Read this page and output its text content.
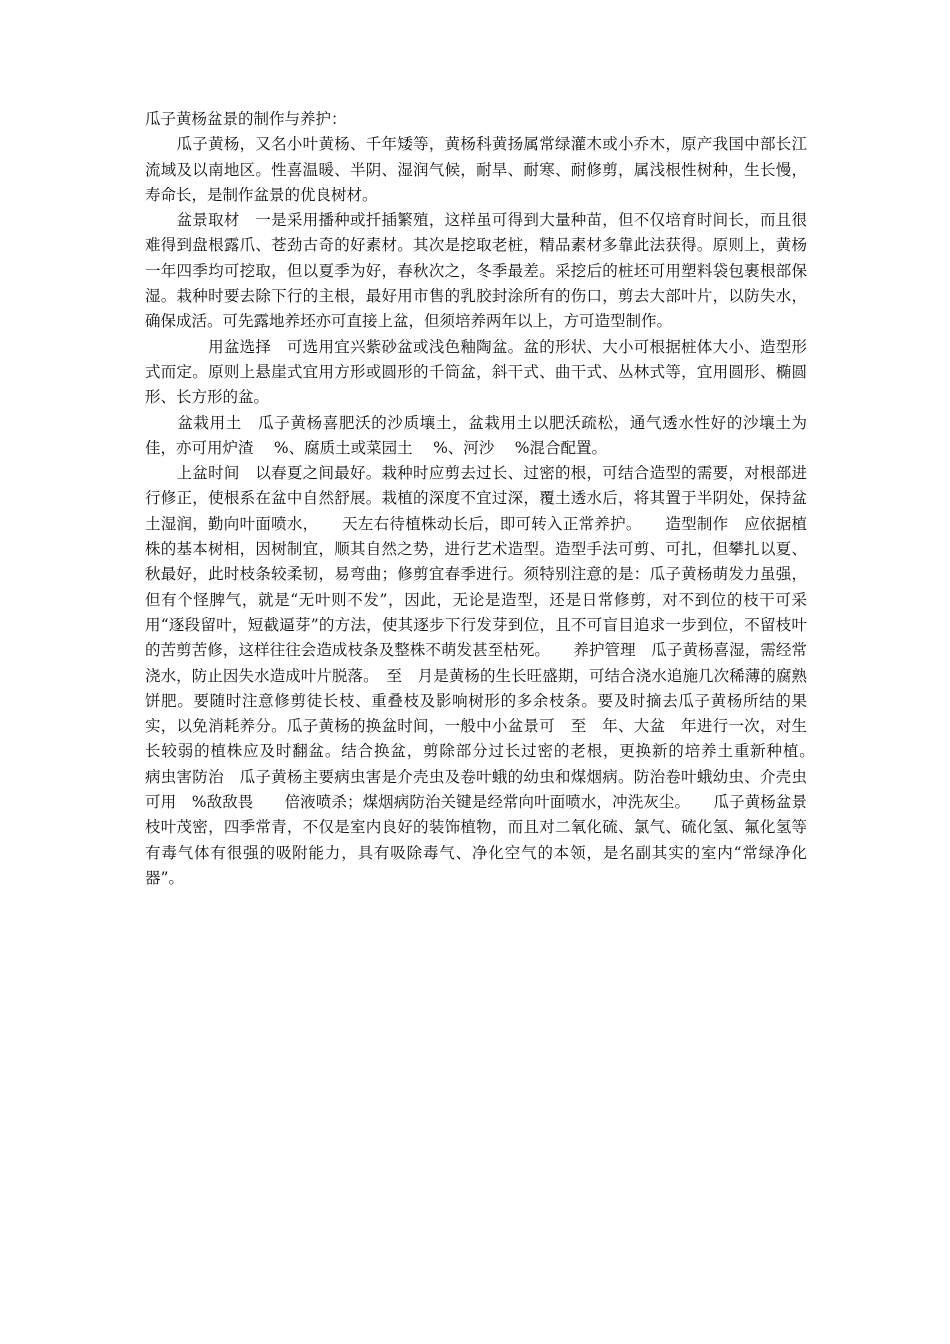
瓜子黄杨盆景的制作与养护：

　　瓜子黄杨，又名小叶黄杨、千年矮等，黄杨科黄扬属常绿灌木或小乔木，原产我国中部长江流域及以南地区。性喜温暖、半阴、湿润气候，耐旱、耐寒、耐修剪，属浅根性树种，生长慢，寿命长，是制作盆景的优良树材。

　　盆景取材　一是采用播种或扦插繁殖，这样虽可得到大量种苗，但不仅培育时间长，而且很难得到盘根露爪、苍劲古奇的好素材。其次是挖取老桩，精品素材多靠此法获得。原则上，黄杨一年四季均可挖取，但以夏季为好，春秋次之，冬季最差。采挖后的桩坯可用塑料袋包裹根部保湿。栽种时要去除下行的主根，最好用市售的乳胶封涂所有的伤口，剪去大部叶片，以防失水，确保成活。可先露地养坯亦可直接上盆，但须培养两年以上，方可造型制作。

　　　　用盆选择　可选用宜兴紫砂盆或浅色釉陶盆。盆的形状、大小可根据桩体大小、造型形式而定。原则上悬崖式宜用方形或圆形的千筒盆，斜干式、曲干式、丛林式等，宜用圆形、椭圆形、长方形的盆。

　　盆栽用土　瓜子黄杨喜肥沃的沙质壤土，盆栽用土以肥沃疏松，通气透水性好的沙壤土为佳，亦可用炉渣　 %、腐质土或菜园土　 %、河沙　 %混合配置。

　　上盆时间　以春夏之间最好。栽种时应剪去过长、过密的根，可结合造型的需要，对根部进行修正，使根系在盆中自然舒展。栽植的深度不宜过深，覆土透水后，将其置于半阴处，保持盆土湿润，勤向叶面喷水，　　天左右待植株动长后，即可转入正常养护。　　造型制作　应依据植株的基本树相，因树制宜，顺其自然之势，进行艺术造型。造型手法可剪、可扎，但攀扎以夏、秋最好，此时枝条较柔韧，易弯曲；修剪宜春季进行。须特别注意的是：瓜子黄杨萌发力虽强，但有个怪脾气，就是“无叶则不发”，因此，无论是造型，还是日常修剪，对不到位的枝干可采用“逐段留叶，短截逼芽”的方法，使其逐步下行发芽到位，且不可盲目追求一步到位，不留枝叶的苦剪苦修，这样往往会造成枝条及整株不萌发甚至枯死。　　养护管理　瓜子黄杨喜湿，需经常浇水，防止因失水造成叶片脱落。　至　月是黄杨的生长旺盛期，可结合浇水追施几次稀薄的腐熟饼肥。要随时注意修剪徒长枝、重叠枝及影响树形的多余枝条。要及时摘去瓜子黄杨所结的果实，以免消耗养分。瓜子黄杨的换盆时间，一般中小盆景可　至　年、大盆　年进行一次，对生长较弱的植株应及时翻盆。结合换盆，剪除部分过长过密的老根，更换新的培养土重新种植。　　病虫害防治　瓜子黄杨主要病虫害是介壳虫及卷叶蛾的幼虫和煤烟病。防治卷叶蛾幼虫、介壳虫可用　%敌敌畏　　倍液喷杀；煤烟病防治关键是经常向叶面喷水，冲洗灰尘。　　瓜子黄杨盆景枝叶茂密，四季常青，不仅是室内良好的装饰植物，而且对二氧化硫、氯气、硫化氢、氟化氢等有毒气体有很强的吸附能力，具有吸除毒气、净化空气的本领，是名副其实的室内“常绿净化器”。
